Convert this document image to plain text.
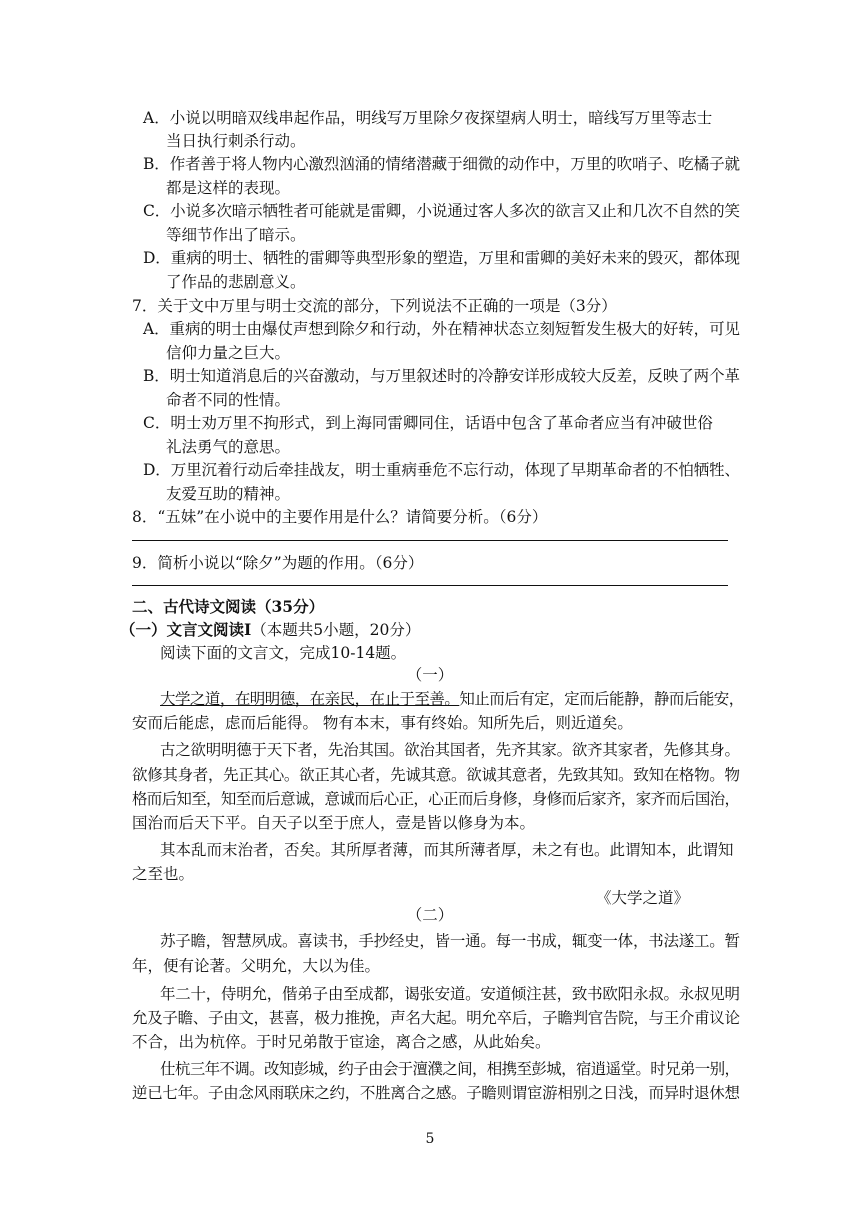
A．小说以明暗双线串起作品，明线写万里除夕夜探望病人明士，暗线写万里等志士
当日执行刺杀行动。
B．作者善于将人物内心激烈汹涌的情绪潜藏于细微的动作中，万里的吹哨子、吃橘子就
都是这样的表现。
C．小说多次暗示牺牲者可能就是雷卿，小说通过客人多次的欲言又止和几次不自然的笑
等细节作出了暗示。
D．重病的明士、牺牲的雷卿等典型形象的塑造，万里和雷卿的美好未来的毁灭，都体现
了作品的悲剧意义。
7．关于文中万里与明士交流的部分，下列说法不正确的一项是（3分）
A．重病的明士由爆仗声想到除夕和行动，外在精神状态立刻短暂发生极大的好转，可见
信仰力量之巨大。
B．明士知道消息后的兴奋激动，与万里叙述时的冷静安详形成较大反差，反映了两个革
命者不同的性情。
C．明士劝万里不拘形式，到上海同雷卿同住，话语中包含了革命者应当有冲破世俗
礼法勇气的意思。
D．万里沉着行动后牵挂战友，明士重病垂危不忘行动，体现了早期革命者的不怕牺牲、
友爱互助的精神。
8．“五妹”在小说中的主要作用是什么？请简要分析。（6分）
9．简析小说以“除夕”为题的作用。（6分）
二、古代诗文阅读（35分）
（一）文言文阅读Ⅰ（本题共5小题，20分）
阅读下面的文言文，完成10-14题。
（一）
大学之道，在明明德，在亲民，在止于至善。知止而后有定，定而后能静，静而后能安，
安而后能虑，虑而后能得。 物有本末，事有终始。知所先后，则近道矣。
古之欲明明德于天下者，先治其国。欲治其国者，先齐其家。欲齐其家者，先修其身。
欲修其身者，先正其心。欲正其心者，先诚其意。欲诚其意者，先致其知。致知在格物。物
格而后知至，知至而后意诚，意诚而后心正，心正而后身修，身修而后家齐，家齐而后国治，
国治而后天下平。自天子以至于庶人，壹是皆以修身为本。
其本乱而末治者，否矣。其所厚者薄，而其所薄者厚，未之有也。此谓知本，此谓知
之至也。
《大学之道》
（二）
苏子瞻，智慧夙成。喜读书，手抄经史，皆一通。每一书成，辄变一体，书法遂工。暂
年，便有论著。父明允，大以为佳。
年二十，侍明允，偕弟子由至成都，谒张安道。安道倾注甚，致书欧阳永叔。永叔见明
允及子瞻、子由文，甚喜，极力推挽，声名大起。明允卒后，子瞻判官告院，与王介甫议论
不合，出为杭倅。于时兄弟散于宦途，离合之感，从此始矣。
仕杭三年不调。改知彭城，约子由会于澶濮之间，相携至彭城，宿逍遥堂。时兄弟一别，
逆已七年。子由念风雨联床之约，不胜离合之感。子瞻则谓宦游相别之日浅，而异时退休想
5
